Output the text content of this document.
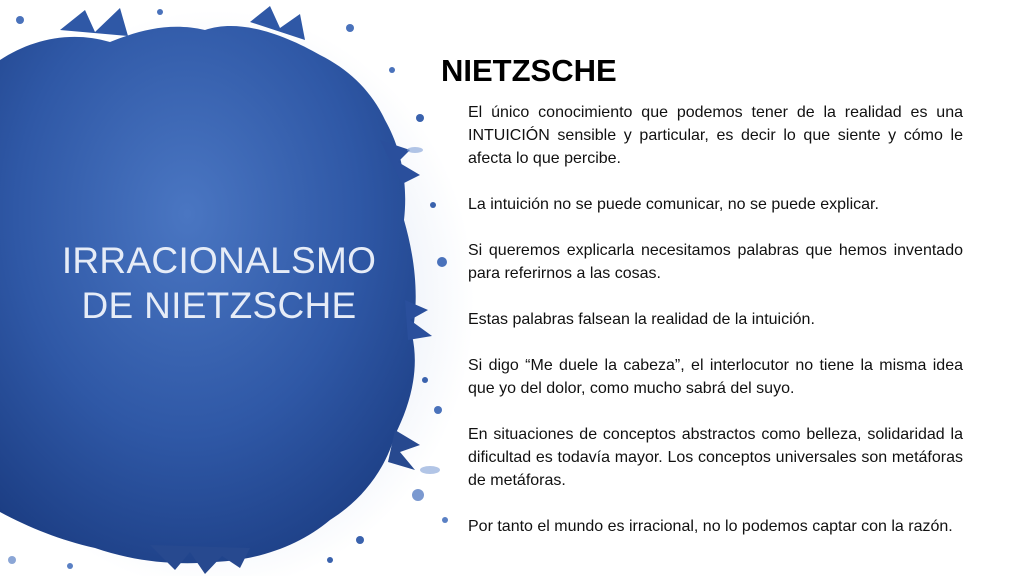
IRRACIONALSMO
DE NIETZSCHE
NIETZSCHE

El único conocimiento que podemos tener de la realidad es una INTUICIÓN sensible y particular, es decir lo que siente y cómo le afecta lo que percibe.

La intuición no se puede comunicar, no se puede explicar.

Si queremos explicarla necesitamos palabras que hemos inventado para referirnos a las cosas.

Estas palabras falsean la realidad de la intuición.

Si digo “Me duele la cabeza”, el interlocutor no tiene la misma idea que yo del dolor, como mucho sabrá del suyo.

En situaciones de conceptos abstractos como belleza, solidaridad la dificultad es todavía mayor. Los conceptos universales son metáforas de metáforas.

Por tanto el mundo es irracional, no lo podemos captar con la razón.
